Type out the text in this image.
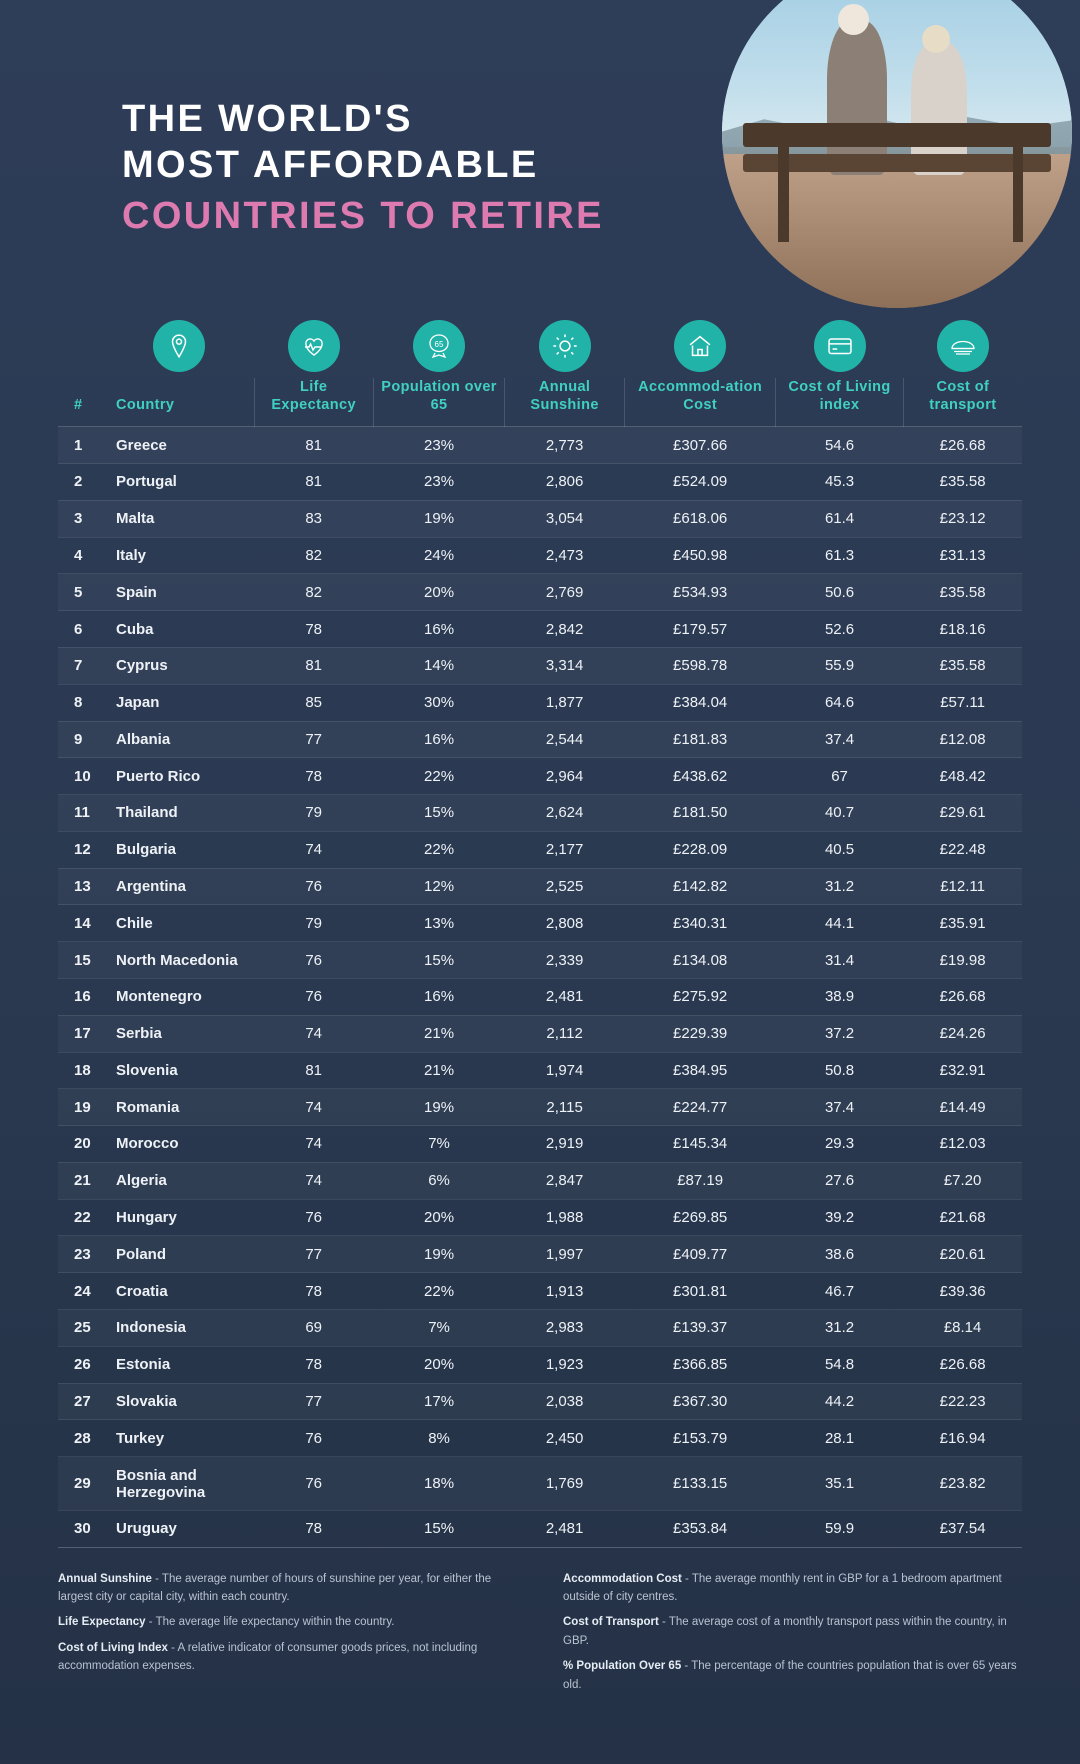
THE WORLD'S
MOST AFFORDABLE
COUNTRIES TO RETIRE

65

#	Country	Life Expectancy	Population over 65	Annual Sunshine	Accommod-ation Cost	Cost of Living index	Cost of transport
1	Greece	81	23%	2,773	£307.66	54.6	£26.68
2	Portugal	81	23%	2,806	£524.09	45.3	£35.58
3	Malta	83	19%	3,054	£618.06	61.4	£23.12
4	Italy	82	24%	2,473	£450.98	61.3	£31.13
5	Spain	82	20%	2,769	£534.93	50.6	£35.58
6	Cuba	78	16%	2,842	£179.57	52.6	£18.16
7	Cyprus	81	14%	3,314	£598.78	55.9	£35.58
8	Japan	85	30%	1,877	£384.04	64.6	£57.11
9	Albania	77	16%	2,544	£181.83	37.4	£12.08
10	Puerto Rico	78	22%	2,964	£438.62	67	£48.42
11	Thailand	79	15%	2,624	£181.50	40.7	£29.61
12	Bulgaria	74	22%	2,177	£228.09	40.5	£22.48
13	Argentina	76	12%	2,525	£142.82	31.2	£12.11
14	Chile	79	13%	2,808	£340.31	44.1	£35.91
15	North Macedonia	76	15%	2,339	£134.08	31.4	£19.98
16	Montenegro	76	16%	2,481	£275.92	38.9	£26.68
17	Serbia	74	21%	2,112	£229.39	37.2	£24.26
18	Slovenia	81	21%	1,974	£384.95	50.8	£32.91
19	Romania	74	19%	2,115	£224.77	37.4	£14.49
20	Morocco	74	7%	2,919	£145.34	29.3	£12.03
21	Algeria	74	6%	2,847	£87.19	27.6	£7.20
22	Hungary	76	20%	1,988	£269.85	39.2	£21.68
23	Poland	77	19%	1,997	£409.77	38.6	£20.61
24	Croatia	78	22%	1,913	£301.81	46.7	£39.36
25	Indonesia	69	7%	2,983	£139.37	31.2	£8.14
26	Estonia	78	20%	1,923	£366.85	54.8	£26.68
27	Slovakia	77	17%	2,038	£367.30	44.2	£22.23
28	Turkey	76	8%	2,450	£153.79	28.1	£16.94
29	Bosnia and Herzegovina	76	18%	1,769	£133.15	35.1	£23.82
30	Uruguay	78	15%	2,481	£353.84	59.9	£37.54

Annual Sunshine - The average number of hours of sunshine per year, for either the largest city or capital city, within each country.

Life Expectancy - The average life expectancy within the country.

Cost of Living Index - A relative indicator of consumer goods prices, not including accommodation expenses.

Accommodation Cost - The average monthly rent in GBP for a 1 bedroom apartment outside of city centres.

Cost of Transport - The average cost of a monthly transport pass within the country, in GBP.

% Population Over 65 - The percentage of the countries population that is over 65 years old.
